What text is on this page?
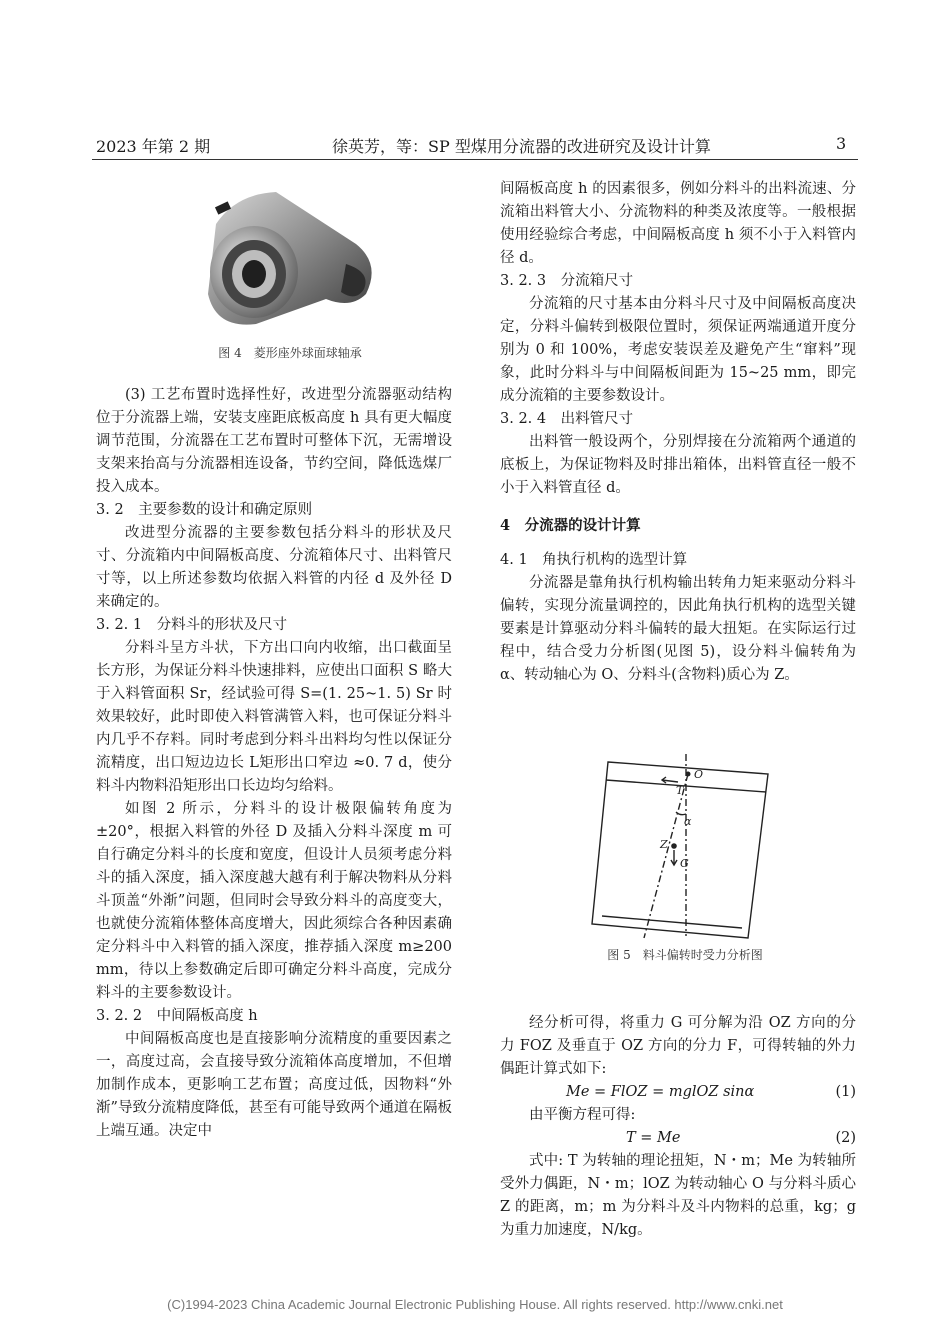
2023 年第 2 期	徐英芳，等：SP 型煤用分流器的改进研究及设计计算	3
图 4　菱形座外球面球轴承

(3) 工艺布置时选择性好，改进型分流器驱动结构位于分流器上端，安装支座距底板高度 h 具有更大幅度调节范围，分流器在工艺布置时可整体下沉，无需增设支架来抬高与分流器相连设备，节约空间，降低选煤厂投入成本。

3. 2　主要参数的设计和确定原则

改进型分流器的主要参数包括分料斗的形状及尺寸、分流箱内中间隔板高度、分流箱体尺寸、出料管尺寸等，以上所述参数均依据入料管的内径 d 及外径 D 来确定的。

3. 2. 1　分料斗的形状及尺寸

分料斗呈方斗状，下方出口向内收缩，出口截面呈长方形，为保证分料斗快速排料，应使出口面积 S 略大于入料管面积 Sr，经试验可得 S=(1. 25~1. 5) Sr 时效果较好，此时即使入料管满管入料，也可保证分料斗内几乎不存料。同时考虑到分料斗出料均匀性以保证分流精度，出口短边边长 L矩形出口窄边 ≈0. 7 d，使分料斗内物料沿矩形出口长边均匀给料。

如图 2 所示，分料斗的设计极限偏转角度为 ±20°，根据入料管的外径 D 及插入分料斗深度 m 可自行确定分料斗的长度和宽度，但设计人员须考虑分料斗的插入深度，插入深度越大越有利于解决物料从分料斗顶盖“外渐”问题，但同时会导致分料斗的高度变大，也就使分流箱体整体高度增大，因此须综合各种因素确定分料斗中入料管的插入深度，推荐插入深度 m≥200 mm，待以上参数确定后即可确定分料斗高度，完成分料斗的主要参数设计。

3. 2. 2　中间隔板高度 h

中间隔板高度也是直接影响分流精度的重要因素之一，高度过高，会直接导致分流箱体高度增加，不但增加制作成本，更影响工艺布置；高度过低，因物料“外渐”导致分流精度降低，甚至有可能导致两个通道在隔板上端互通。决定中

间隔板高度 h 的因素很多，例如分料斗的出料流速、分流箱出料管大小、分流物料的种类及浓度等。一般根据使用经验综合考虑，中间隔板高度 h 须不小于入料管内径 d。

3. 2. 3　分流箱尺寸

分流箱的尺寸基本由分料斗尺寸及中间隔板高度决定，分料斗偏转到极限位置时，须保证两端通道开度分别为 0 和 100%，考虑安装误差及避免产生“窜料”现象，此时分料斗与中间隔板间距为 15~25 mm，即完成分流箱的主要参数设计。

3. 2. 4　出料管尺寸

出料管一般设两个，分别焊接在分流箱两个通道的底板上，为保证物料及时排出箱体，出料管直径一般不小于入料管直径 d。

4　分流器的设计计算

4. 1　角执行机构的选型计算

分流器是靠角执行机构输出转角力矩来驱动分料斗偏转，实现分流量调控的，因此角执行机构的选型关键要素是计算驱动分料斗偏转的最大扭矩。在实际运行过程中，结合受力分析图(见图 5)，设分料斗偏转角为 α、转动轴心为 O、分料斗(含物料)质心为 Z。

O
T
α
Z
G
图 5　料斗偏转时受力分析图

经分析可得，将重力 G 可分解为沿 OZ 方向的分力 FOZ 及垂直于 OZ 方向的分力 F，可得转轴的外力偶距计算式如下:

Me = FlOZ = mglOZ sinα	(1)

由平衡方程可得:

T = Me	(2)

式中: T 为转轴的理论扭矩，N・m；Me 为转轴所受外力偶距，N・m；lOZ 为转动轴心 O 与分料斗质心 Z 的距离，m；m 为分料斗及斗内物料的总重，kg；g 为重力加速度，N/kg。

(C)1994-2023 China Academic Journal Electronic Publishing House. All rights reserved. http://www.cnki.net
